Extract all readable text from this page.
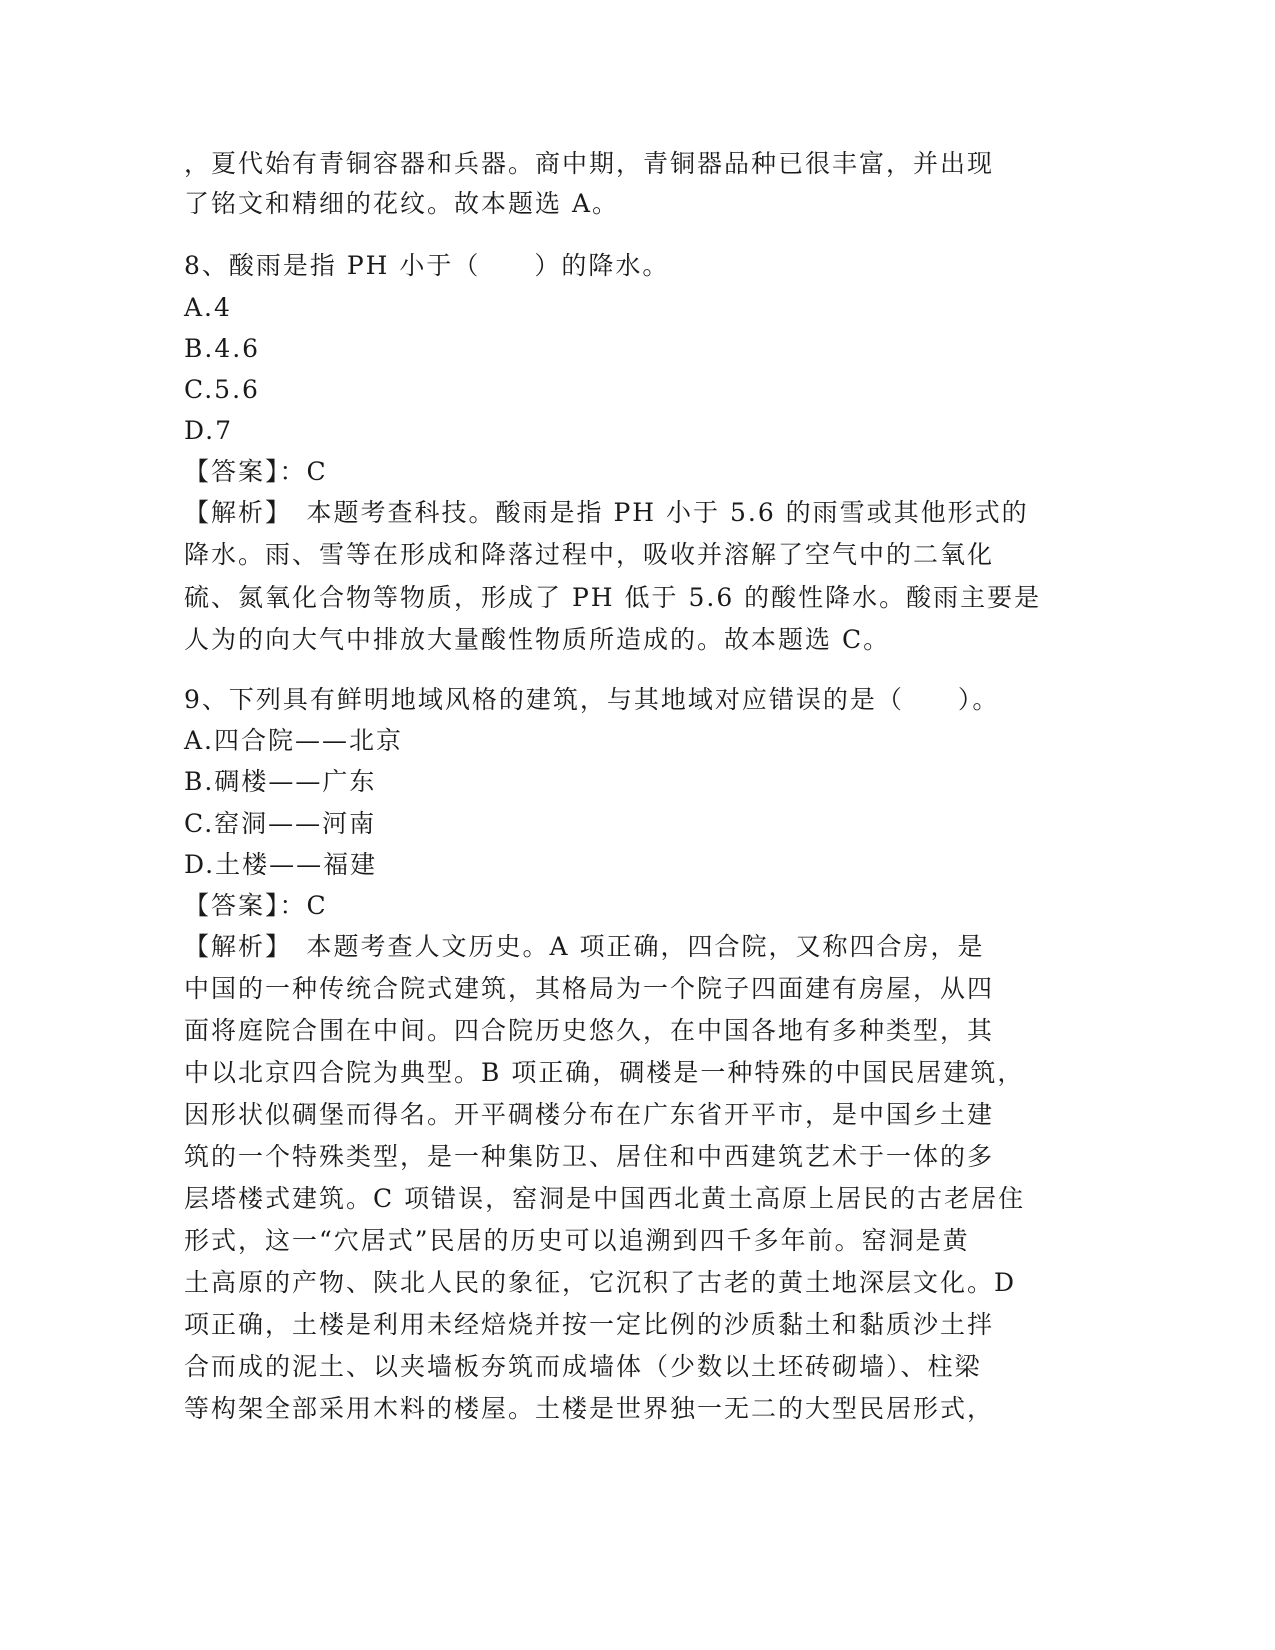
，夏代始有青铜容器和兵器。商中期，青铜器品种已很丰富，并出现
了铭文和精细的花纹。故本题选 A。
8、酸雨是指 PH 小于（　　）的降水。
A.4
B.4.6
C.5.6
D.7
【答案】：C
【解析】　本题考查科技。酸雨是指 PH 小于 5.6 的雨雪或其他形式的
降水。雨、雪等在形成和降落过程中，吸收并溶解了空气中的二氧化
硫、氮氧化合物等物质，形成了 PH 低于 5.6 的酸性降水。酸雨主要是
人为的向大气中排放大量酸性物质所造成的。故本题选 C。
9、下列具有鲜明地域风格的建筑，与其地域对应错误的是（　　）。
A.四合院——北京
B.碉楼——广东
C.窑洞——河南
D.土楼——福建
【答案】：C
【解析】　本题考查人文历史。A 项正确，四合院，又称四合房，是
中国的一种传统合院式建筑，其格局为一个院子四面建有房屋，从四
面将庭院合围在中间。四合院历史悠久，在中国各地有多种类型，其
中以北京四合院为典型。B 项正确，碉楼是一种特殊的中国民居建筑，
因形状似碉堡而得名。开平碉楼分布在广东省开平市，是中国乡土建
筑的一个特殊类型，是一种集防卫、居住和中西建筑艺术于一体的多
层塔楼式建筑。C 项错误，窑洞是中国西北黄土高原上居民的古老居住
形式，这一“穴居式”民居的历史可以追溯到四千多年前。窑洞是黄
土高原的产物、陕北人民的象征，它沉积了古老的黄土地深层文化。D
项正确，土楼是利用未经焙烧并按一定比例的沙质黏土和黏质沙土拌
合而成的泥土、以夹墙板夯筑而成墙体（少数以土坯砖砌墙）、柱梁
等构架全部采用木料的楼屋。土楼是世界独一无二的大型民居形式，
